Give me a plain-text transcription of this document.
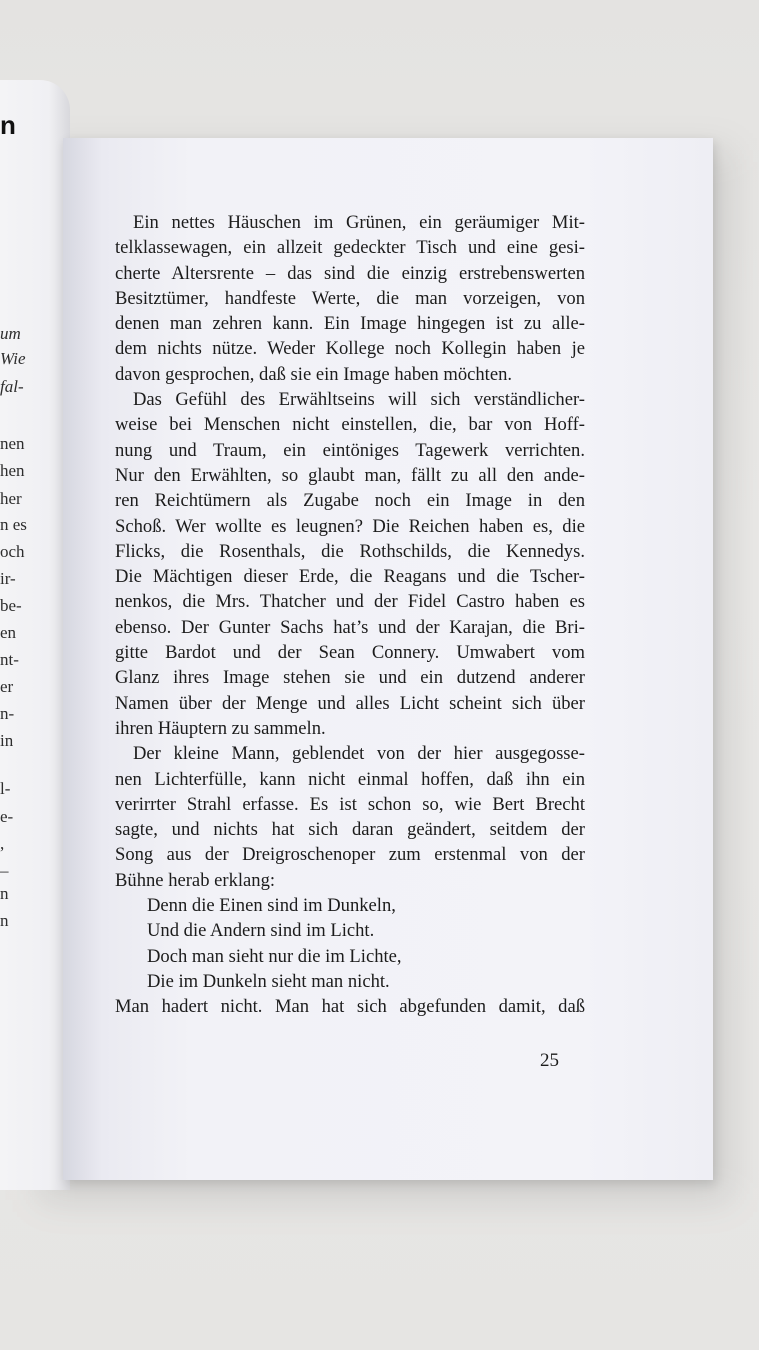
n
um
Wie
fal-
nen
hen
her
n es
och
ir-
be-
en
nt-
er
n-
in
l-
e-
,
–
n
n
Ein nettes Häuschen im Grünen, ein geräumiger Mit-
telklassewagen, ein allzeit gedeckter Tisch und eine gesi-
cherte Altersrente – das sind die einzig erstrebenswerten
Besitztümer, handfeste Werte, die man vorzeigen, von
denen man zehren kann. Ein Image hingegen ist zu alle-
dem nichts nütze. Weder Kollege noch Kollegin haben je
davon gesprochen, daß sie ein Image haben möchten.
Das Gefühl des Erwähltseins will sich verständlicher-
weise bei Menschen nicht einstellen, die, bar von Hoff-
nung und Traum, ein eintöniges Tagewerk verrichten.
Nur den Erwählten, so glaubt man, fällt zu all den ande-
ren Reichtümern als Zugabe noch ein Image in den
Schoß. Wer wollte es leugnen? Die Reichen haben es, die
Flicks, die Rosenthals, die Rothschilds, die Kennedys.
Die Mächtigen dieser Erde, die Reagans und die Tscher-
nenkos, die Mrs. Thatcher und der Fidel Castro haben es
ebenso. Der Gunter Sachs hat’s und der Karajan, die Bri-
gitte Bardot und der Sean Connery. Umwabert vom
Glanz ihres Image stehen sie und ein dutzend anderer
Namen über der Menge und alles Licht scheint sich über
ihren Häuptern zu sammeln.
Der kleine Mann, geblendet von der hier ausgegosse-
nen Lichterfülle, kann nicht einmal hoffen, daß ihn ein
verirrter Strahl erfasse. Es ist schon so, wie Bert Brecht
sagte, und nichts hat sich daran geändert, seitdem der
Song aus der Dreigroschenoper zum erstenmal von der
Bühne herab erklang:
Denn die Einen sind im Dunkeln,
Und die Andern sind im Licht.
Doch man sieht nur die im Lichte,
Die im Dunkeln sieht man nicht.
Man hadert nicht. Man hat sich abgefunden damit, daß
25
